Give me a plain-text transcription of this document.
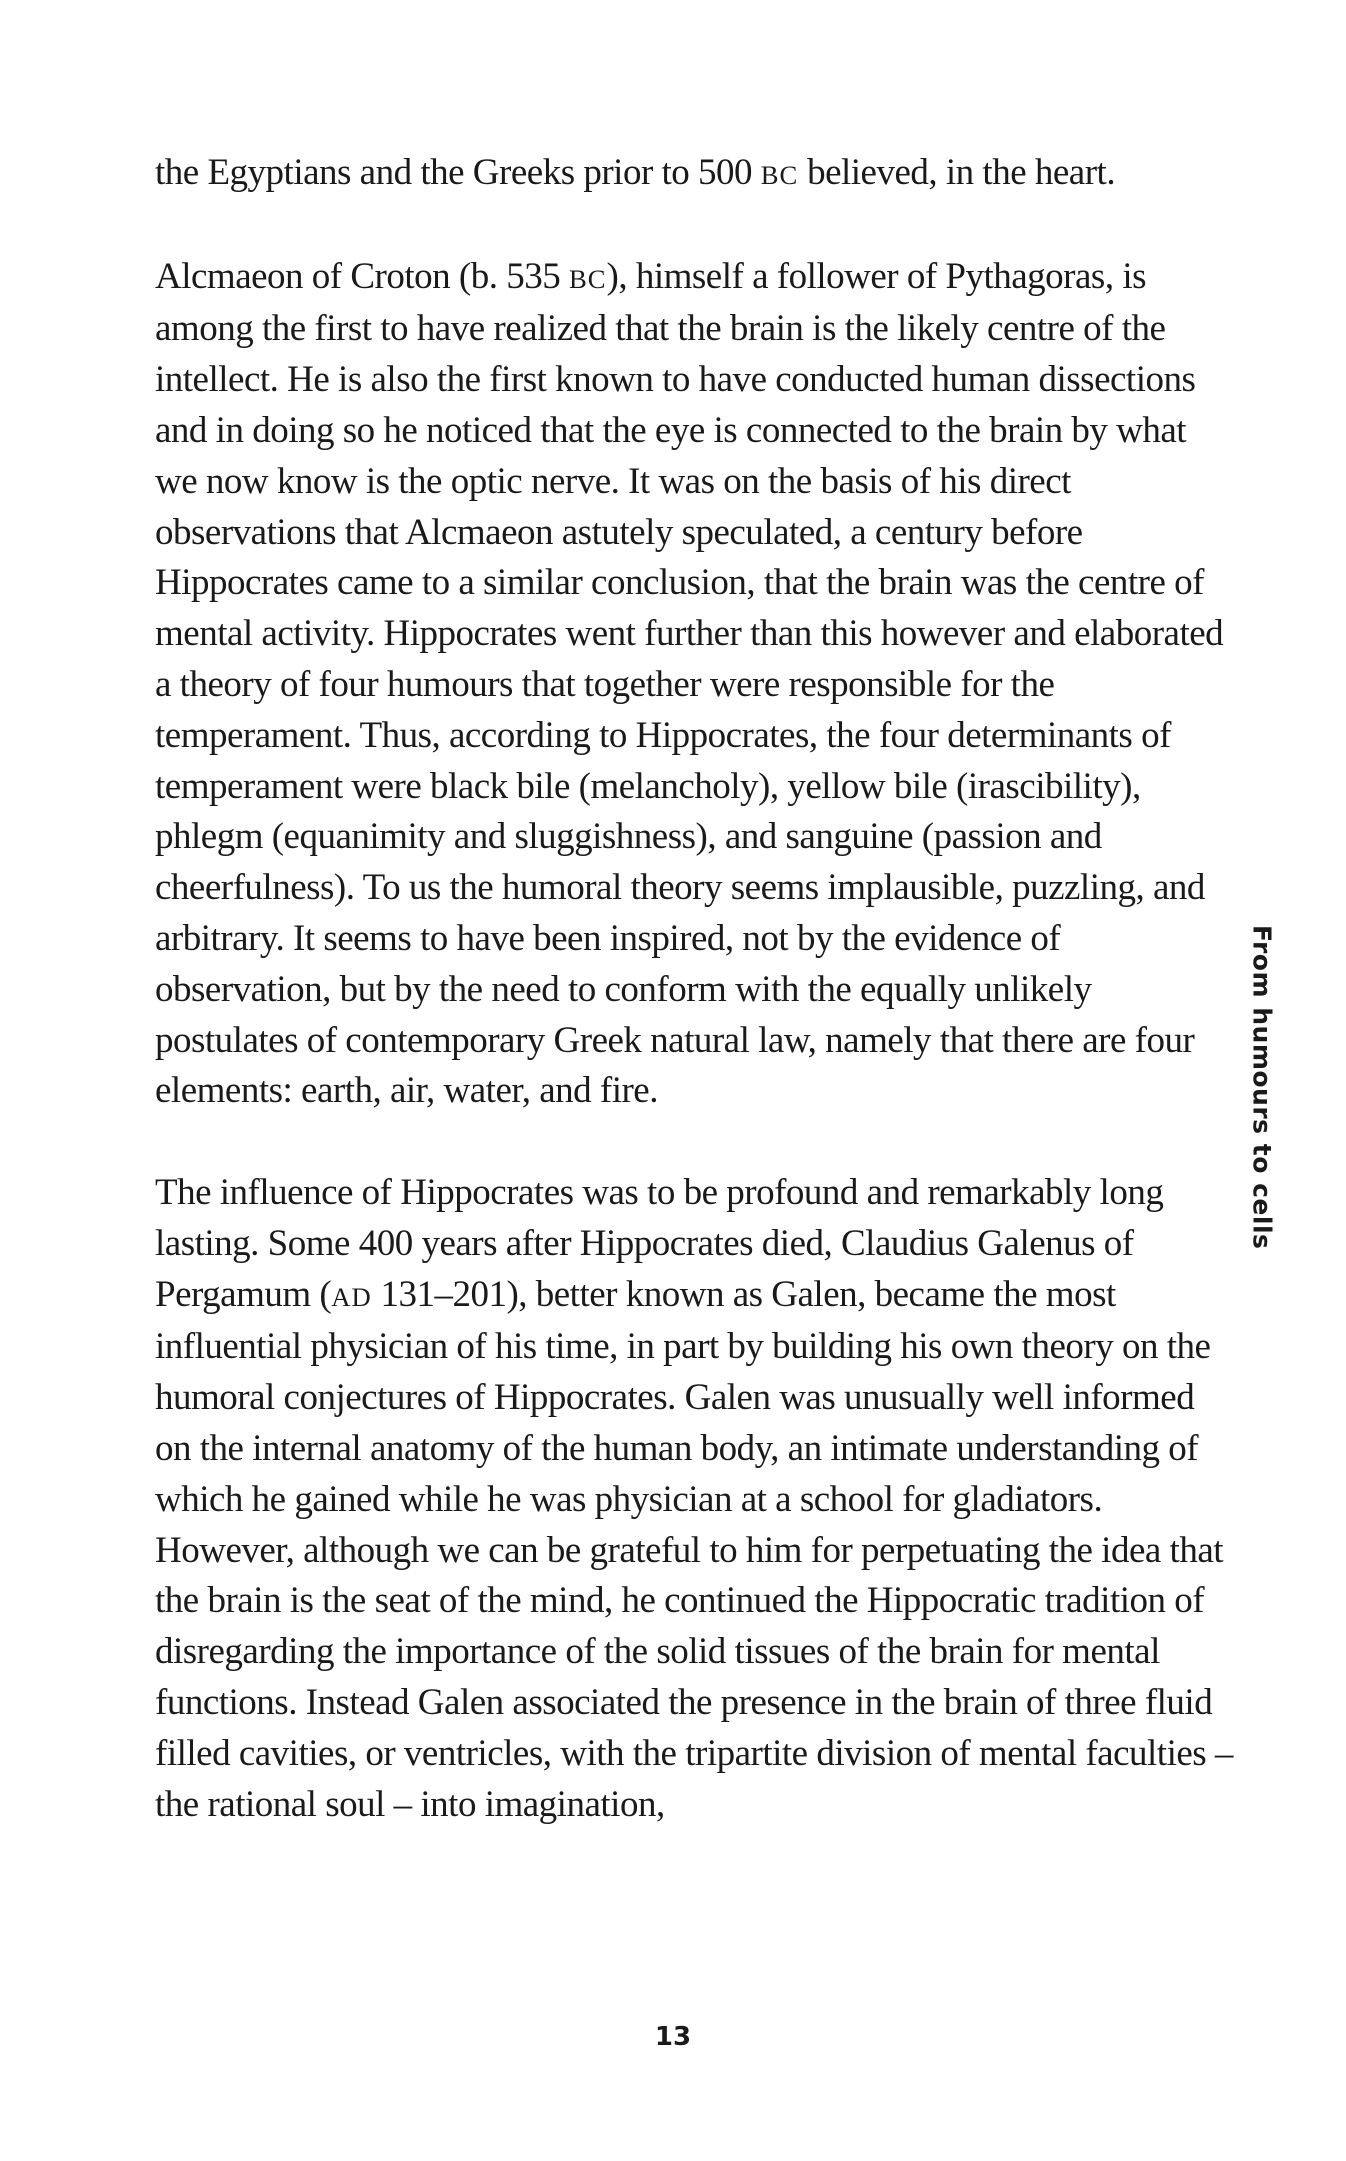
the Egyptians and the Greeks prior to 500 BC believed, in the heart.

Alcmaeon of Croton (b. 535 BC), himself a follower of Pythagoras, is among the first to have realized that the brain is the likely centre of the intellect. He is also the first known to have conducted human dissections and in doing so he noticed that the eye is connected to the brain by what we now know is the optic nerve. It was on the basis of his direct observations that Alcmaeon astutely speculated, a century before Hippocrates came to a similar conclusion, that the brain was the centre of mental activity. Hippocrates went further than this however and elaborated a theory of four humours that together were responsible for the temperament. Thus, according to Hippocrates, the four determinants of temperament were black bile (melancholy), yellow bile (irascibility), phlegm (equanimity and sluggishness), and sanguine (passion and cheerfulness). To us the humoral theory seems implausible, puzzling, and arbitrary. It seems to have been inspired, not by the evidence of observation, but by the need to conform with the equally unlikely postulates of contemporary Greek natural law, namely that there are four elements: earth, air, water, and fire.

The influence of Hippocrates was to be profound and remarkably long lasting. Some 400 years after Hippocrates died, Claudius Galenus of Pergamum (AD 131–201), better known as Galen, became the most influential physician of his time, in part by building his own theory on the humoral conjectures of Hippocrates. Galen was unusually well informed on the internal anatomy of the human body, an intimate understanding of which he gained while he was physician at a school for gladiators. However, although we can be grateful to him for perpetuating the idea that the brain is the seat of the mind, he continued the Hippocratic tradition of disregarding the importance of the solid tissues of the brain for mental functions. Instead Galen associated the presence in the brain of three fluid filled cavities, or ventricles, with the tripartite division of mental faculties – the rational soul – into imagination,

From humours to cells
13
